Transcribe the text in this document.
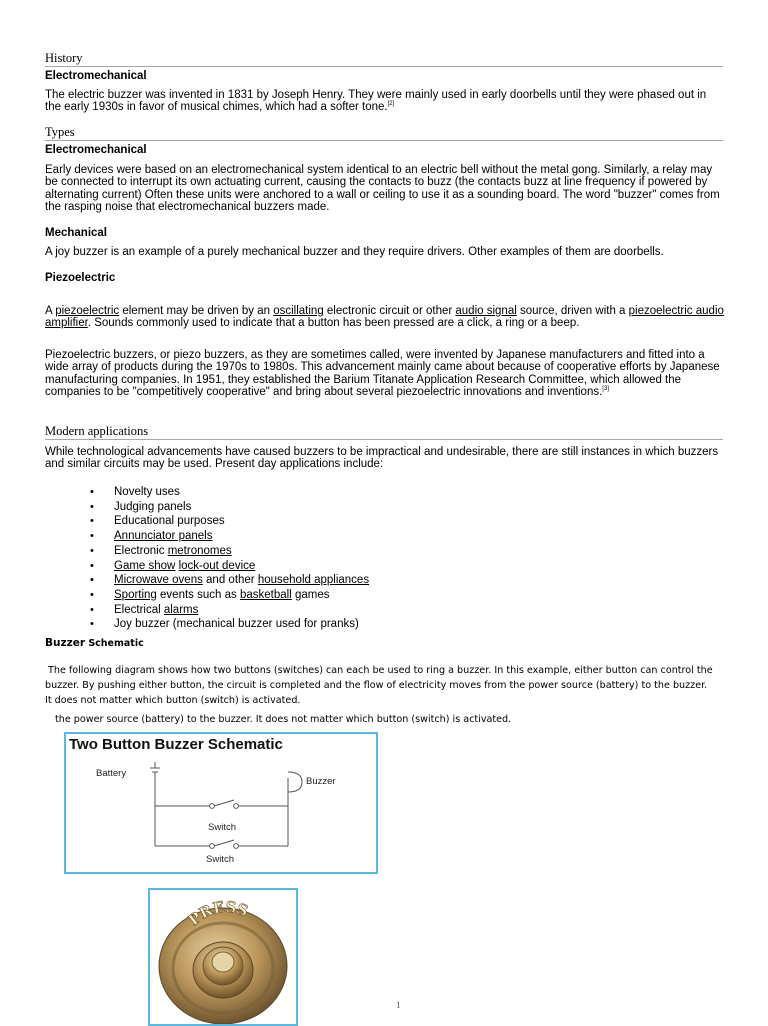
History
Electromechanical
The electric buzzer was invented in 1831 by Joseph Henry. They were mainly used in early doorbells until they were phased out in the early 1930s in favor of musical chimes, which had a softer tone.[2]
Types
Electromechanical
Early devices were based on an electromechanical system identical to an electric bell without the metal gong. Similarly, a relay may be connected to interrupt its own actuating current, causing the contacts to buzz (the contacts buzz at line frequency if powered by alternating current) Often these units were anchored to a wall or ceiling to use it as a sounding board. The word "buzzer" comes from the rasping noise that electromechanical buzzers made.
Mechanical
A joy buzzer is an example of a purely mechanical buzzer and they require drivers. Other examples of them are doorbells.
Piezoelectric
A piezoelectric element may be driven by an oscillating electronic circuit or other audio signal source, driven with a piezoelectric audio amplifier. Sounds commonly used to indicate that a button has been pressed are a click, a ring or a beep.
Piezoelectric buzzers, or piezo buzzers, as they are sometimes called, were invented by Japanese manufacturers and fitted into a wide array of products during the 1970s to 1980s. This advancement mainly came about because of cooperative efforts by Japanese manufacturing companies. In 1951, they established the Barium Titanate Application Research Committee, which allowed the companies to be "competitively cooperative" and bring about several piezoelectric innovations and inventions.[3]
Modern applications
While technological advancements have caused buzzers to be impractical and undesirable, there are still instances in which buzzers and similar circuits may be used. Present day applications include:
• Novelty uses
• Judging panels
• Educational purposes
• Annunciator panels
• Electronic metronomes
• Game show lock-out device
• Microwave ovens and other household appliances
• Sporting events such as basketball games
• Electrical alarms
• Joy buzzer (mechanical buzzer used for pranks)
Buzzer Schematic
The following diagram shows how two buttons (switches) can each be used to ring a buzzer. In this example, either button can control the buzzer. By pushing either button, the circuit is completed and the flow of electricity moves from the power source (battery) to the buzzer. It does not matter which button (switch) is activated.
the power source (battery) to the buzzer. It does not matter which button (switch) is activated.
Two Button Buzzer Schematic
Battery
Buzzer
Switch
Switch
PRESS
1
